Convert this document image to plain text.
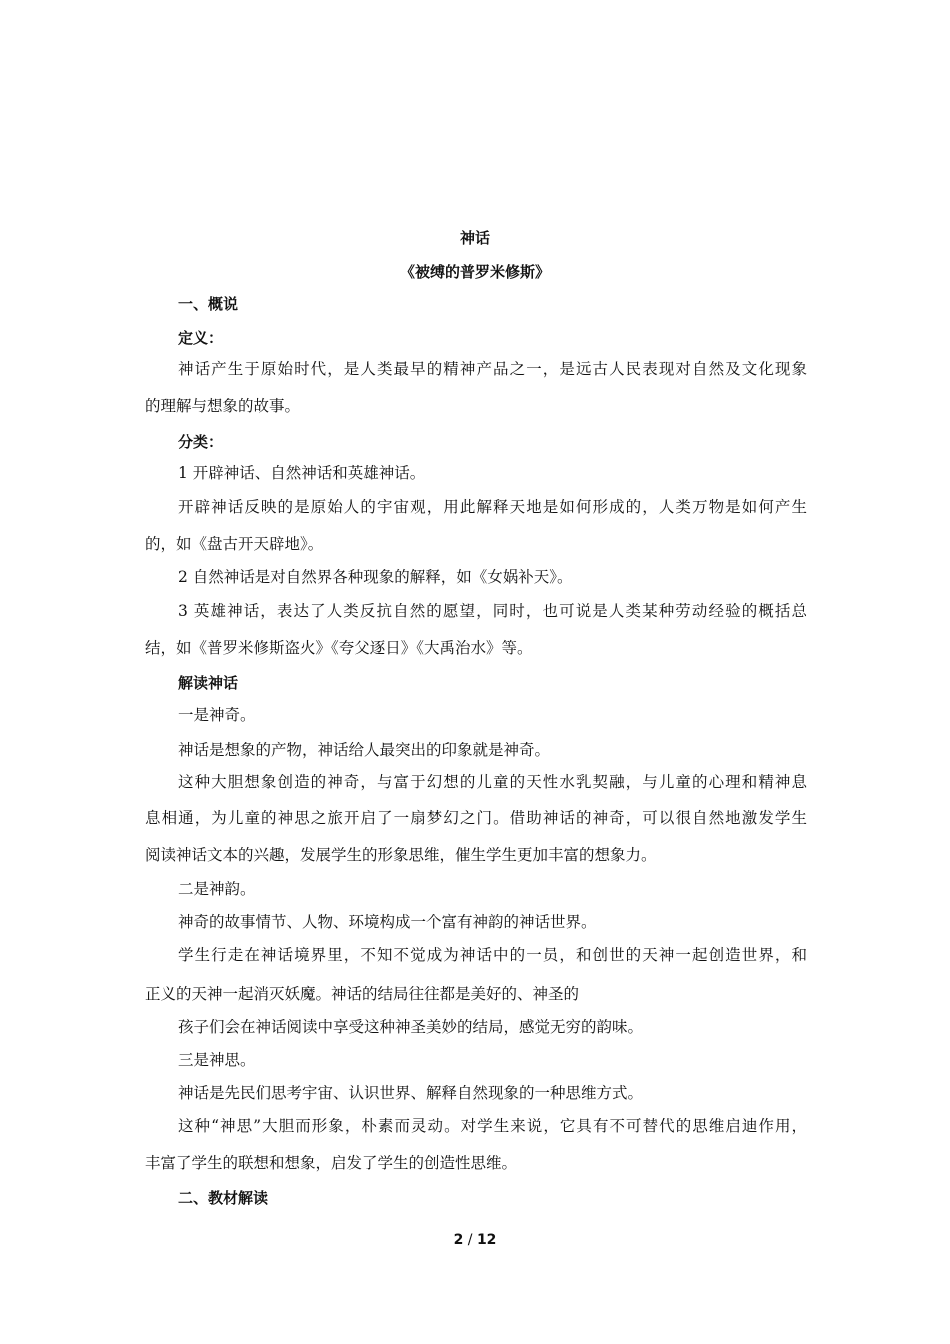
神话
《被缚的普罗米修斯》
一、概说
定义：
神话产生于原始时代，是人类最早的精神产品之一，是远古人民表现对自然及文化现象
的理解与想象的故事。
分类：
1 开辟神话、自然神话和英雄神话。
开辟神话反映的是原始人的宇宙观，用此解释天地是如何形成的，人类万物是如何产生
的，如《盘古开天辟地》。
2 自然神话是对自然界各种现象的解释，如《女娲补天》。
3 英雄神话，表达了人类反抗自然的愿望，同时，也可说是人类某种劳动经验的概括总
结，如《普罗米修斯盗火》《夸父逐日》《大禹治水》等。
解读神话
一是神奇。
神话是想象的产物，神话给人最突出的印象就是神奇。
这种大胆想象创造的神奇，与富于幻想的儿童的天性水乳契融，与儿童的心理和精神息
息相通，为儿童的神思之旅开启了一扇梦幻之门。借助神话的神奇，可以很自然地激发学生
阅读神话文本的兴趣，发展学生的形象思维，催生学生更加丰富的想象力。
二是神韵。
神奇的故事情节、人物、环境构成一个富有神韵的神话世界。
学生行走在神话境界里，不知不觉成为神话中的一员，和创世的天神一起创造世界，和
正义的天神一起消灭妖魔。神话的结局往往都是美好的、神圣的
孩子们会在神话阅读中享受这种神圣美妙的结局，感觉无穷的韵味。
三是神思。
神话是先民们思考宇宙、认识世界、解释自然现象的一种思维方式。
这种“神思”大胆而形象，朴素而灵动。对学生来说，它具有不可替代的思维启迪作用，
丰富了学生的联想和想象，启发了学生的创造性思维。
二、教材解读
2 / 12
